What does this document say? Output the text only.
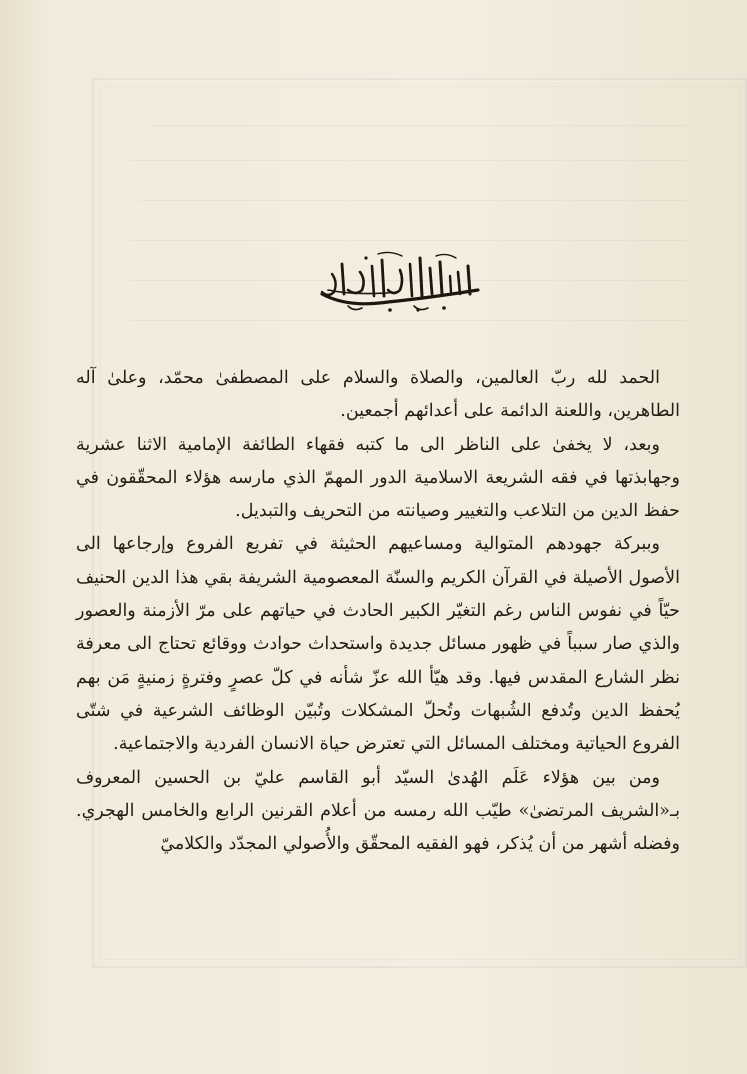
الحمد لله ربّ العالمين، والصلاة والسلام على المصطفىٰ محمّد، وعلىٰ آله الطاهرين، واللعنة الدائمة على أعدائهم أجمعين.

وبعد، لا يخفىٰ على الناظر الى ما كتبه فقهاء الطائفة الإمامية الاثنا عشرية وجهابذتها في فقه الشريعة الاسلامية الدور المهمّ الذي مارسه هؤلاء المحقّقون في حفظ الدين من التلاعب والتغيير وصيانته من التحريف والتبديل.

وببركة جهودهم المتوالية ومساعيهم الحثيثة في تفريع الفروع وإرجاعها الى الأصول الأصيلة في القرآن الكريم والسنّة المعصومية الشريفة بقي هذا الدين الحنيف حيّاً في نفوس الناس رغم التغيّر الكبير الحادث في حياتهم على مرّ الأزمنة والعصور والذي صار سبباً في ظهور مسائل جديدة واستحداث حوادث ووقائع تحتاج الى معرفة نظر الشارع المقدس فيها. وقد هيّأ الله عزّ شأنه في كلّ عصرٍ وفترةٍ زمنيةٍ مَن بهم يُحفظ الدين وتُدفع الشُبهات وتُحلّ المشكلات وتُبيّن الوظائف الشرعية في شتّى الفروع الحياتية ومختلف المسائل التي تعترض حياة الانسان الفردية والاجتماعية.

ومن بين هؤلاء عَلَم الهُدىٰ السيّد أبو القاسم عليّ بن الحسين المعروف بـ«الشريف المرتضىٰ» طيّب الله رمسه من أعلام القرنين الرابع والخامس الهجري. وفضله أشهر من أن يُذكر، فهو الفقيه المحقّق والأُصولي المجدّد والكلاميّ
